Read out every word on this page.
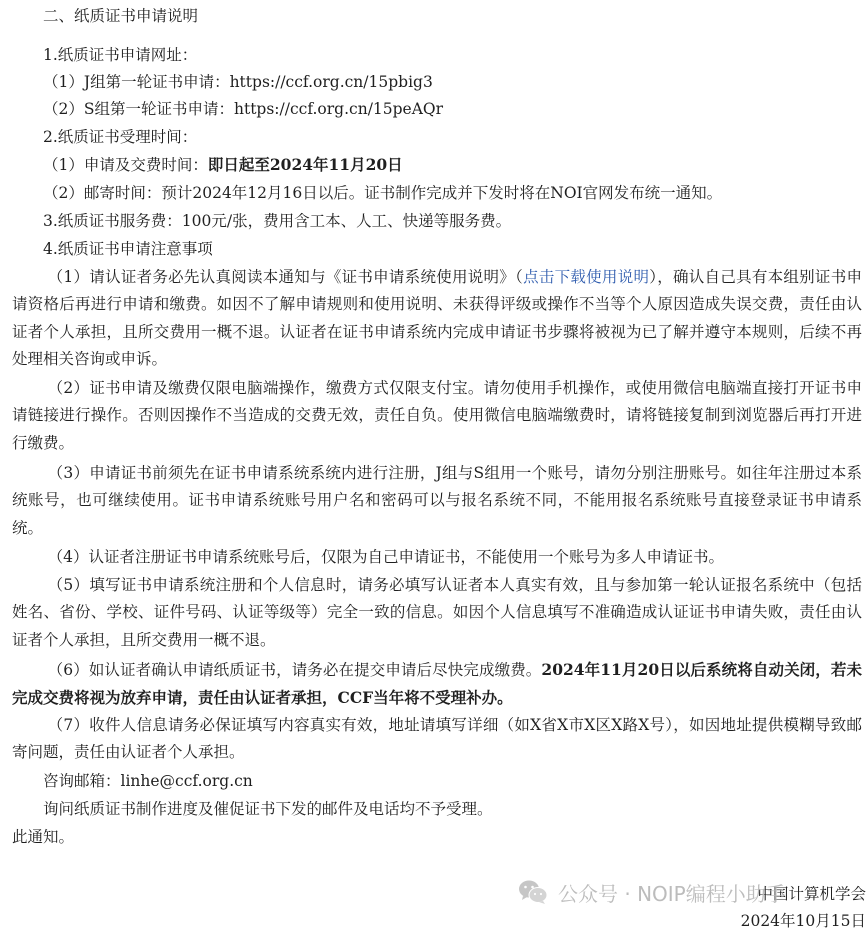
二、纸质证书申请说明
1.纸质证书申请网址：
（1）J组第一轮证书申请：https://ccf.org.cn/15pbig3
（2）S组第一轮证书申请：https://ccf.org.cn/15peAQr
2.纸质证书受理时间：
（1）申请及交费时间：即日起至2024年11月20日
（2）邮寄时间：预计2024年12月16日以后。证书制作完成并下发时将在NOI官网发布统一通知。
3.纸质证书服务费：100元/张，费用含工本、人工、快递等服务费。
4.纸质证书申请注意事项
（1）请认证者务必先认真阅读本通知与《证书申请系统使用说明》（点击下载使用说明），确认自己具有本组别证书申请资格后再进行申请和缴费。如因不了解申请规则和使用说明、未获得评级或操作不当等个人原因造成失误交费，责任由认证者个人承担，且所交费用一概不退。认证者在证书申请系统内完成申请证书步骤将被视为已了解并遵守本规则，后续不再处理相关咨询或申诉。
（2）证书申请及缴费仅限电脑端操作，缴费方式仅限支付宝。请勿使用手机操作，或使用微信电脑端直接打开证书申请链接进行操作。否则因操作不当造成的交费无效，责任自负。使用微信电脑端缴费时，请将链接复制到浏览器后再打开进行缴费。
（3）申请证书前须先在证书申请系统系统内进行注册，J组与S组用一个账号，请勿分别注册账号。如往年注册过本系统账号，也可继续使用。证书申请系统账号用户名和密码可以与报名系统不同，不能用报名系统账号直接登录证书申请系统。
（4）认证者注册证书申请系统账号后，仅限为自己申请证书，不能使用一个账号为多人申请证书。
（5）填写证书申请系统注册和个人信息时，请务必填写认证者本人真实有效，且与参加第一轮认证报名系统中（包括姓名、省份、学校、证件号码、认证等级等）完全一致的信息。如因个人信息填写不准确造成认证证书申请失败，责任由认证者个人承担，且所交费用一概不退。
（6）如认证者确认申请纸质证书，请务必在提交申请后尽快完成缴费。2024年11月20日以后系统将自动关闭，若未完成交费将视为放弃申请，责任由认证者承担，CCF当年将不受理补办。
（7）收件人信息请务必保证填写内容真实有效，地址请填写详细（如X省X市X区X路X号），如因地址提供模糊导致邮寄问题，责任由认证者个人承担。
咨询邮箱：linhe@ccf.org.cn
询问纸质证书制作进度及催促证书下发的邮件及电话均不予受理。
此通知。
中国计算机学会
2024年10月15日
公众号 · NOIP编程小助手
